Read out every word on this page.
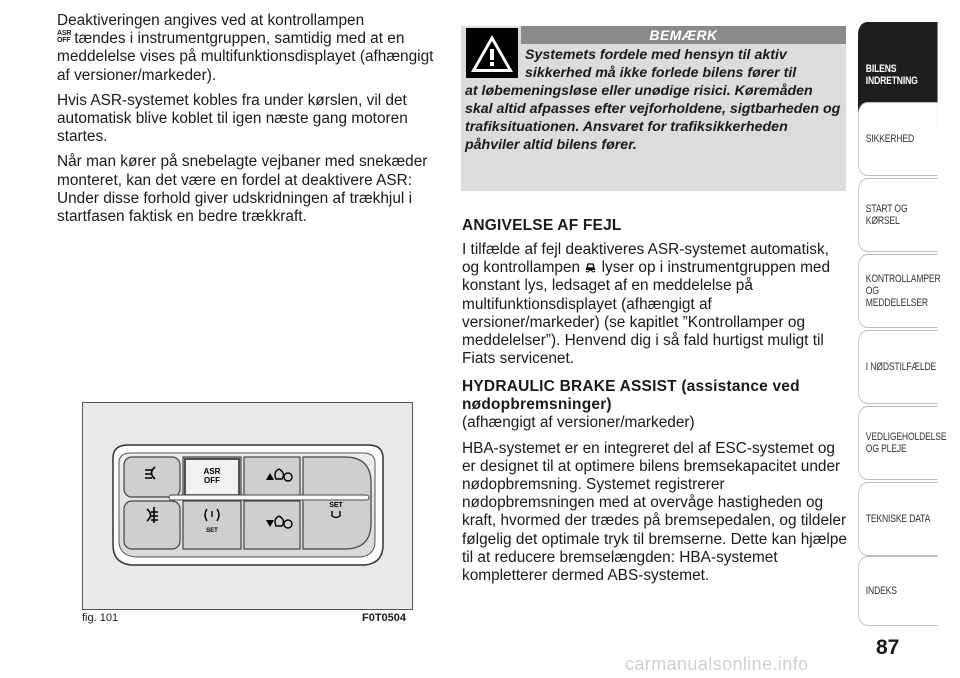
Deaktiveringen angives ved at kontrollampen

ASR
OFF tændes i instrumentgruppen, samtidig med at en meddelelse vises på multifunktionsdisplayet (afhængigt af versioner/markeder).

Hvis ASR-systemet kobles fra under kørslen, vil det automatisk blive koblet til igen næste gang motoren startes.

Når man kører på snebelagte vejbaner med snekæder monteret, kan det være en fordel at deaktivere ASR: Under disse forhold giver udskridningen af trækhjul i startfasen faktisk en bedre trækkraft.

BEMÆRK
Systemets fordele med hensyn til aktiv sikkerhed må ikke forlede bilens fører til
at løbemeningsløse eller unødige risici. Køremåden skal altid afpasses efter vejforholdene, sigtbarheden og trafiksituationen. Ansvaret for trafiksikkerheden påhviler altid bilens fører.
ANGIVELSE AF FEJL

I tilfælde af fejl deaktiveres ASR-systemet automatisk, og kontrollampen lyser op i instrumentgruppen med konstant lys, ledsaget af en meddelelse på multifunktionsdisplayet (afhængigt af versioner/markeder) (se kapitlet ”Kontrollamper og meddelelser”). Henvend dig i så fald hurtigst muligt til Fiats servicenet.

HYDRAULIC BRAKE ASSIST (assistance ved nødopbremsninger)

(afhængigt af versioner/markeder)

HBA-systemet er en integreret del af ESC-systemet og er designet til at optimere bilens bremsekapacitet under nødopbremsning. Systemet registrerer nødopbremsningen med at overvåge hastigheden og kraft, hvormed der trædes på bremsepedalen, og tildeler følgelig det optimale tryk til bremserne. Dette kan hjælpe til at reducere bremselængden: HBA-systemet kompletterer dermed ABS-systemet.

ASR
OFF
SET
SET
fig. 101	F0T0504
BILENS
INDRETNING
SIKKERHED
START OG KØRSEL
KONTROLLAMPER
OG MEDDELELSER
I NØDSTILFÆLDE
VEDLIGEHOLDELSE
OG PLEJE
TEKNISKE DATA
INDEKS
87
carmanualsonline.info
